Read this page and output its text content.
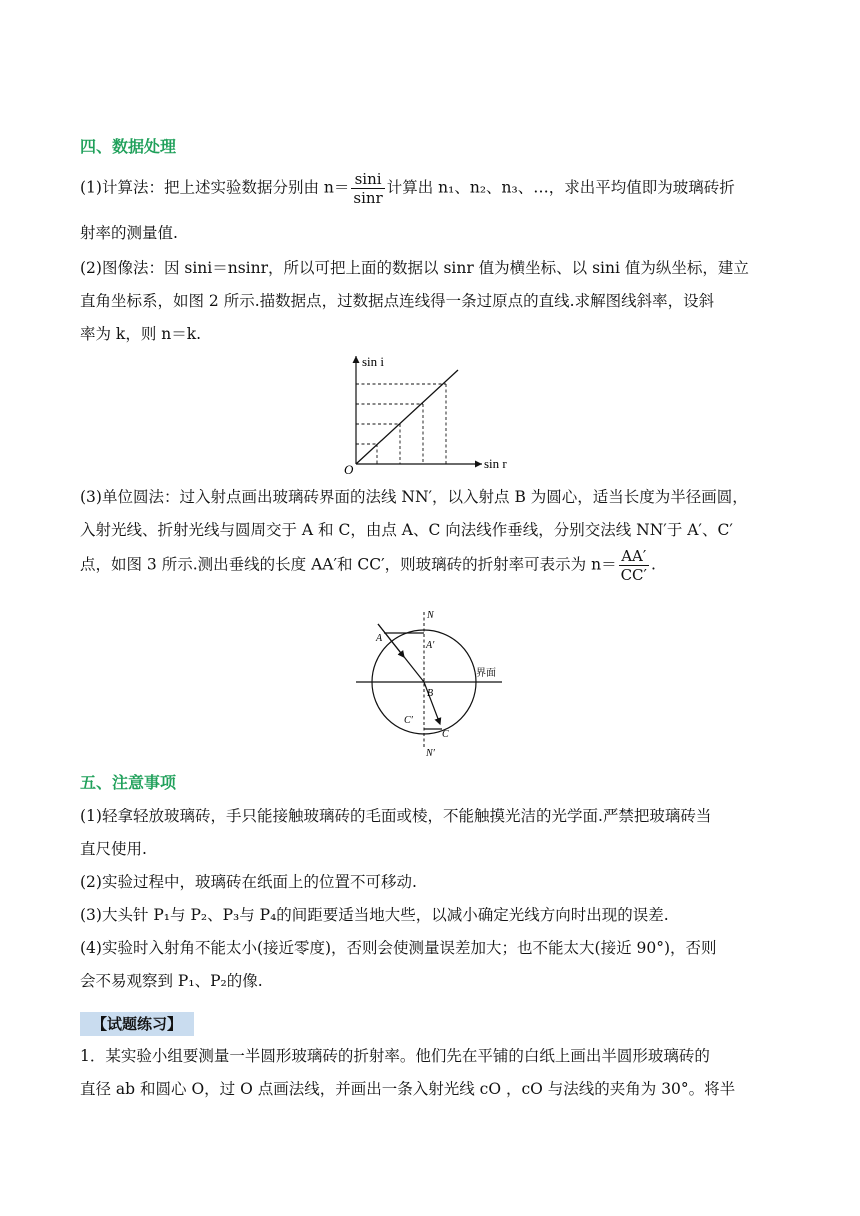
四、数据处理
(1)计算法：把上述实验数据分别由 $n= \frac{\sin i}{\sin r}$ 计算出 n₁、n₂、n₃、…，求出平均值即为玻璃砖折
射率的测量值.
(2)图像法：因 sini＝nsinr，所以可把上面的数据以 sinr 值为横坐标、以 sini 值为纵坐标，建立
直角坐标系，如图 2 所示.描数据点，过数据点连线得一条过原点的直线.求解图线斜率，设斜
率为 k，则 n＝k.
sin i
sin r
O
(3)单位圆法：过入射点画出玻璃砖界面的法线 NN′，以入射点 B 为圆心，适当长度为半径画圆，
入射光线、折射光线与圆周交于 A 和 C，由点 A、C 向法线作垂线，分别交法线 NN′于 A′、C′
点，如图 3 所示.测出垂线的长度 AA′和 CC′，则玻璃砖的折射率可表示为 $n= \frac{AA'}{CC'}$ .
N
A
A′
B
C′
C
N′
界面
五、注意事项
(1)轻拿轻放玻璃砖，手只能接触玻璃砖的毛面或棱，不能触摸光洁的光学面.严禁把玻璃砖当
直尺使用.
(2)实验过程中，玻璃砖在纸面上的位置不可移动.
(3)大头针 P₁与 P₂、P₃与 P₄的间距要适当地大些，以减小确定光线方向时出现的误差.
(4)实验时入射角不能太小(接近零度)，否则会使测量误差加大；也不能太大(接近 90°)，否则
会不易观察到 P₁、P₂的像.
【试题练习】
1．某实验小组要测量一半圆形玻璃砖的折射率。他们先在平铺的白纸上画出半圆形玻璃砖的
直径 ab 和圆心 O，过 O 点画法线，并画出一条入射光线 cO ，cO 与法线的夹角为 30°。将半
